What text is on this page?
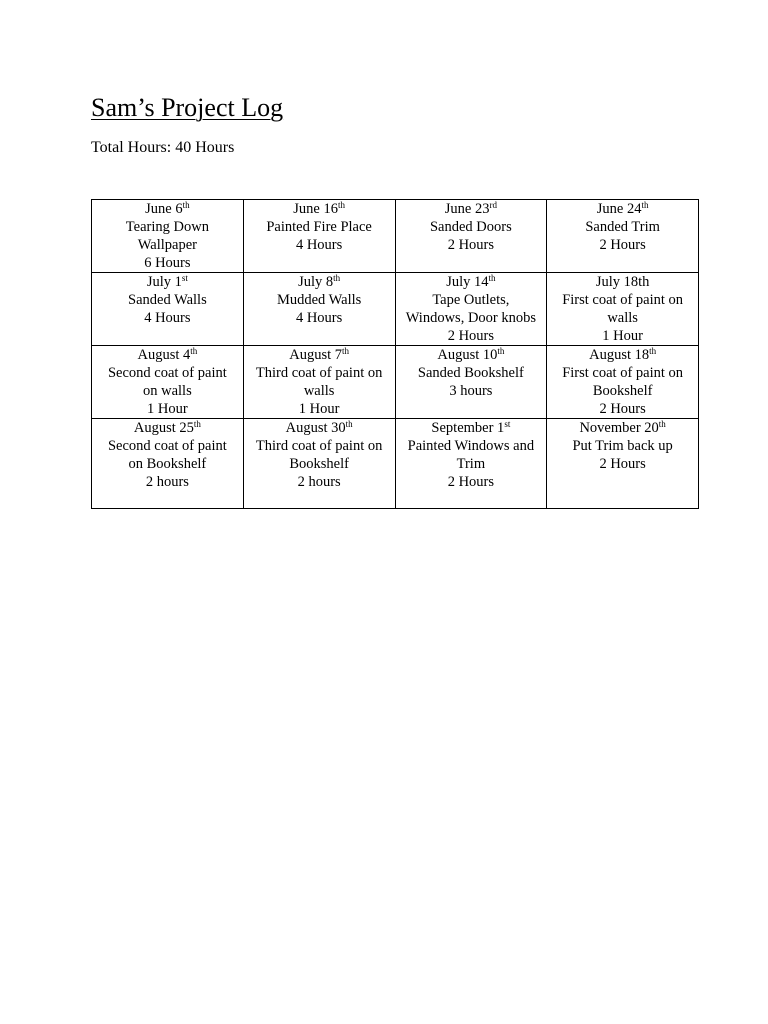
Sam’s Project Log
Total Hours: 40 Hours
June 6th
Tearing Down
Wallpaper
6 Hours	June 16th
Painted Fire Place
4 Hours	June 23rd
Sanded Doors
2 Hours	June 24th
Sanded Trim
2 Hours

July 1st
Sanded Walls
4 Hours	July 8th
Mudded Walls
4 Hours	July 14th
Tape Outlets,
Windows, Door knobs
2 Hours	July 18th
First coat of paint on
walls
1 Hour

August 4th
Second coat of paint
on walls
1 Hour	August 7th
Third coat of paint on
walls
1 Hour	August 10th
Sanded Bookshelf
3 hours	August 18th
First coat of paint on
Bookshelf
2 Hours

August 25th
Second coat of paint
on Bookshelf
2 hours	August 30th
Third coat of paint on
Bookshelf
2 hours	September 1st
Painted Windows and
Trim
2 Hours	November 20th
Put Trim back up
2 Hours
